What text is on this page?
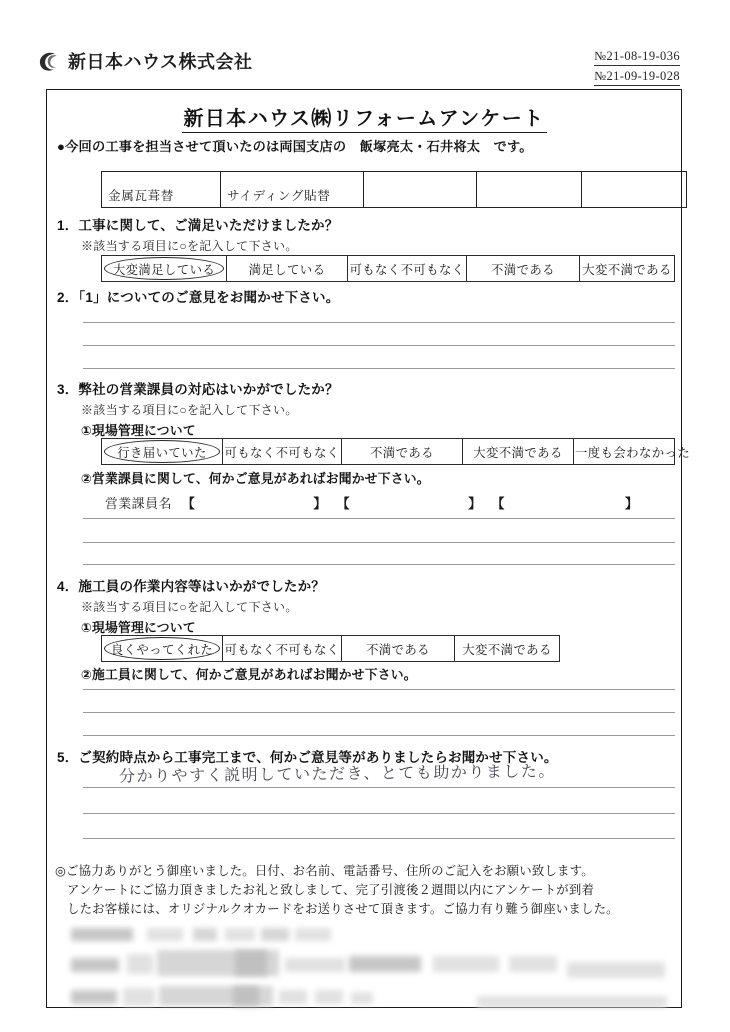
新日本ハウス株式会社	№21-08-19-036
№21-09-19-028
新日本ハウス㈱リフォームアンケート
●今回の工事を担当させて頂いたのは両国支店の　飯塚亮太・石井将太　です。
金属瓦葺替	サイディング貼替			
1．工事に関して、ご満足いただけましたか？
※該当する項目に○を記入して下さい。
大変満足している	満足している	可もなく不可もなく	不満である	大変不満である
2．「1」についてのご意見をお聞かせ下さい。
3．弊社の営業課員の対応はいかがでしたか？
※該当する項目に○を記入して下さい。
①現場管理について
行き届いていた	可もなく不可もなく	不満である	大変不満である	一度も会わなかった
②営業課員に関して、何かご意見があればお聞かせ下さい。
営業課員名 【	】 【	】 【	】
4．施工員の作業内容等はいかがでしたか？
※該当する項目に○を記入して下さい。
①現場管理について
良くやってくれた	可もなく不可もなく	不満である	大変不満である
②施工員に関して、何かご意見があればお聞かせ下さい。
5．ご契約時点から工事完工まで、何かご意見等がありましたらお聞かせ下さい。
分かりやすく説明していただき、とても助かりました。
◎ご協力ありがとう御座いました。日付、お名前、電話番号、住所のご記入をお願い致します。
アンケートにご協力頂きましたお礼と致しまして、完了引渡後２週間以内にアンケートが到着
したお客様には、オリジナルクオカードをお送りさせて頂きます。ご協力有り難う御座いました。
